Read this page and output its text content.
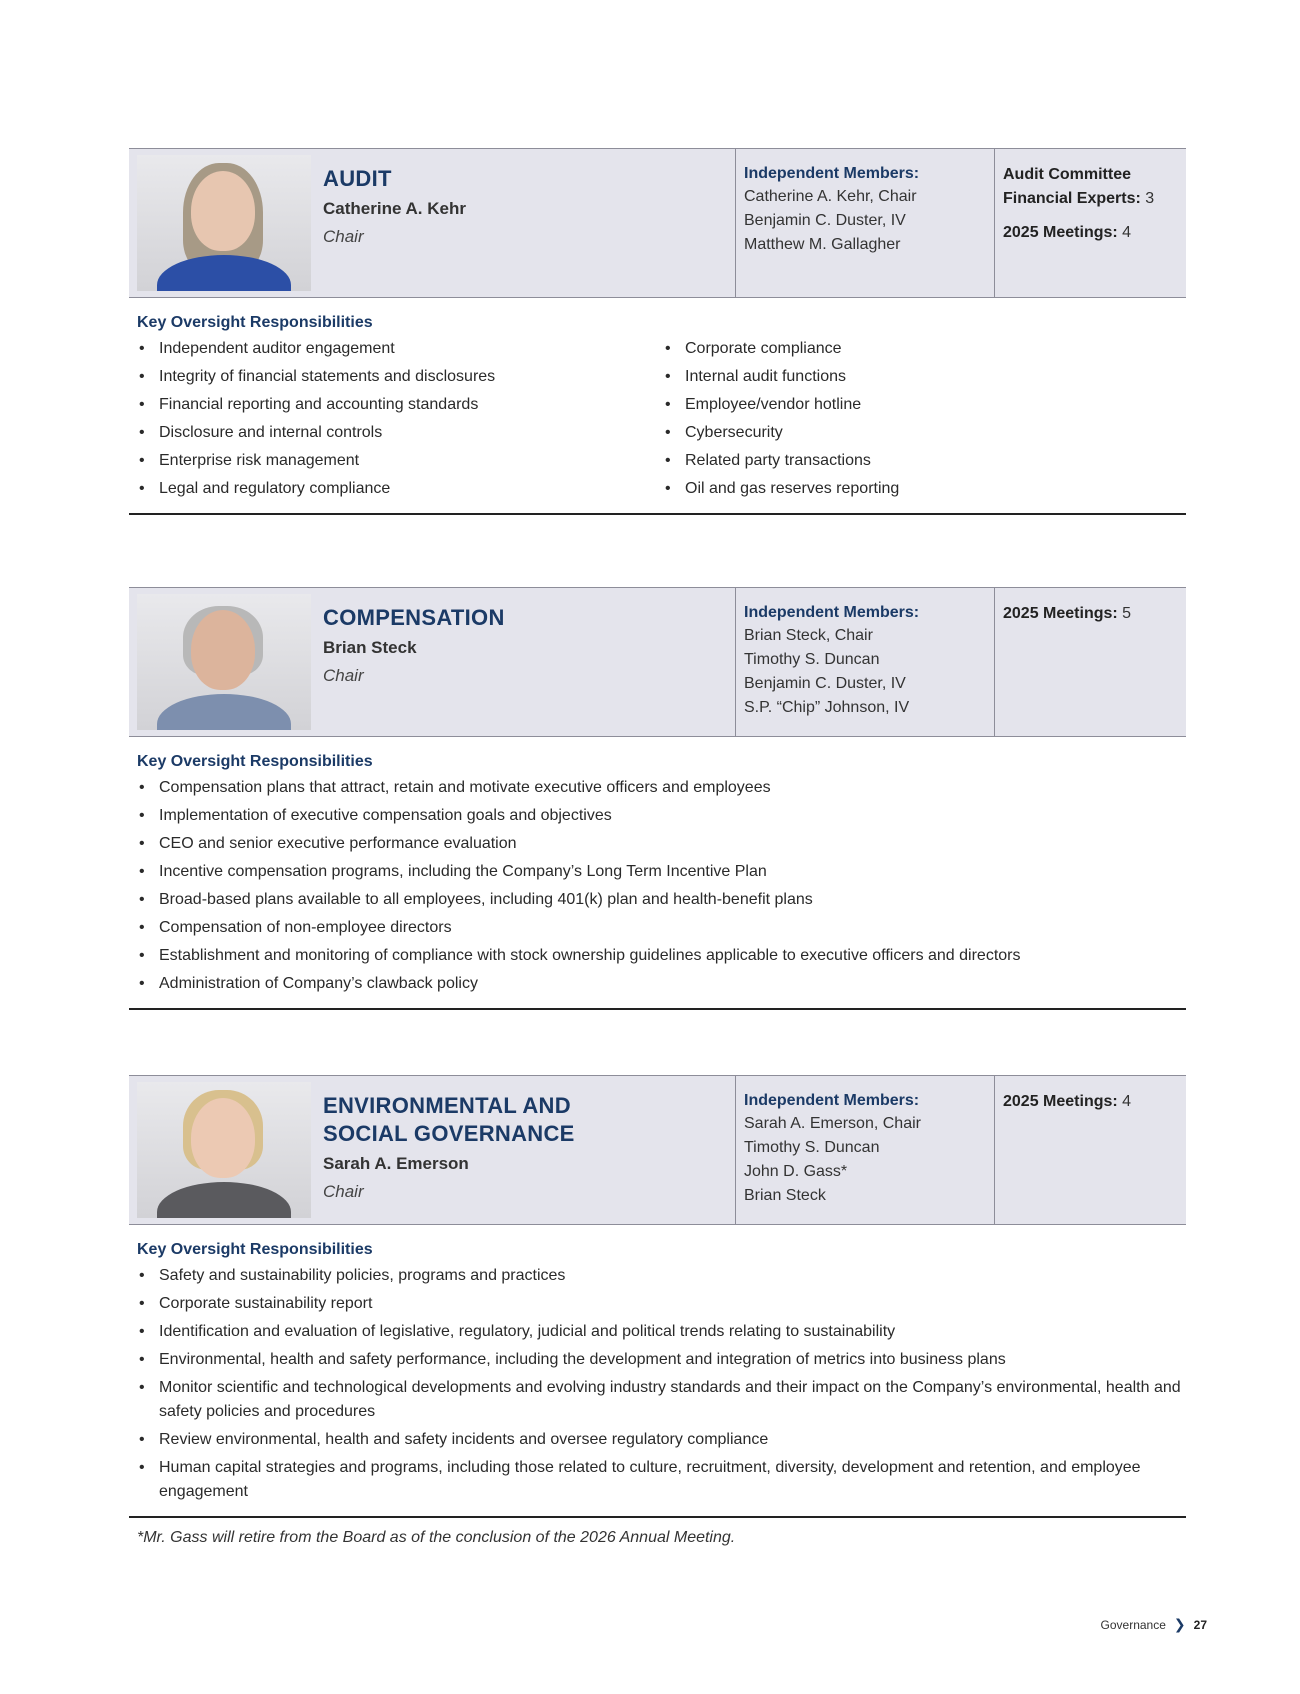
AUDIT
Catherine A. Kehr
Chair
Independent Members:
Catherine A. Kehr, Chair
Benjamin C. Duster, IV
Matthew M. Gallagher
Audit Committee Financial Experts: 3
2025 Meetings: 4
Key Oversight Responsibilities
• Independent auditor engagement
• Integrity of financial statements and disclosures
• Financial reporting and accounting standards
• Disclosure and internal controls
• Enterprise risk management
• Legal and regulatory compliance
• Corporate compliance
• Internal audit functions
• Employee/vendor hotline
• Cybersecurity
• Related party transactions
• Oil and gas reserves reporting
COMPENSATION
Brian Steck
Chair
Independent Members:
Brian Steck, Chair
Timothy S. Duncan
Benjamin C. Duster, IV
S.P. “Chip” Johnson, IV
2025 Meetings: 5
Key Oversight Responsibilities
• Compensation plans that attract, retain and motivate executive officers and employees
• Implementation of executive compensation goals and objectives
• CEO and senior executive performance evaluation
• Incentive compensation programs, including the Company’s Long Term Incentive Plan
• Broad-based plans available to all employees, including 401(k) plan and health-benefit plans
• Compensation of non-employee directors
• Establishment and monitoring of compliance with stock ownership guidelines applicable to executive officers and directors
• Administration of Company’s clawback policy
ENVIRONMENTAL AND SOCIAL GOVERNANCE
Sarah A. Emerson
Chair
Independent Members:
Sarah A. Emerson, Chair
Timothy S. Duncan
John D. Gass*
Brian Steck
2025 Meetings: 4
Key Oversight Responsibilities
• Safety and sustainability policies, programs and practices
• Corporate sustainability report
• Identification and evaluation of legislative, regulatory, judicial and political trends relating to sustainability
• Environmental, health and safety performance, including the development and integration of metrics into business plans
• Monitor scientific and technological developments and evolving industry standards and their impact on the Company’s environmental, health and safety policies and procedures
• Review environmental, health and safety incidents and oversee regulatory compliance
• Human capital strategies and programs, including those related to culture, recruitment, diversity, development and retention, and employee engagement
*Mr. Gass will retire from the Board as of the conclusion of the 2026 Annual Meeting.
Governance ❯ 27
